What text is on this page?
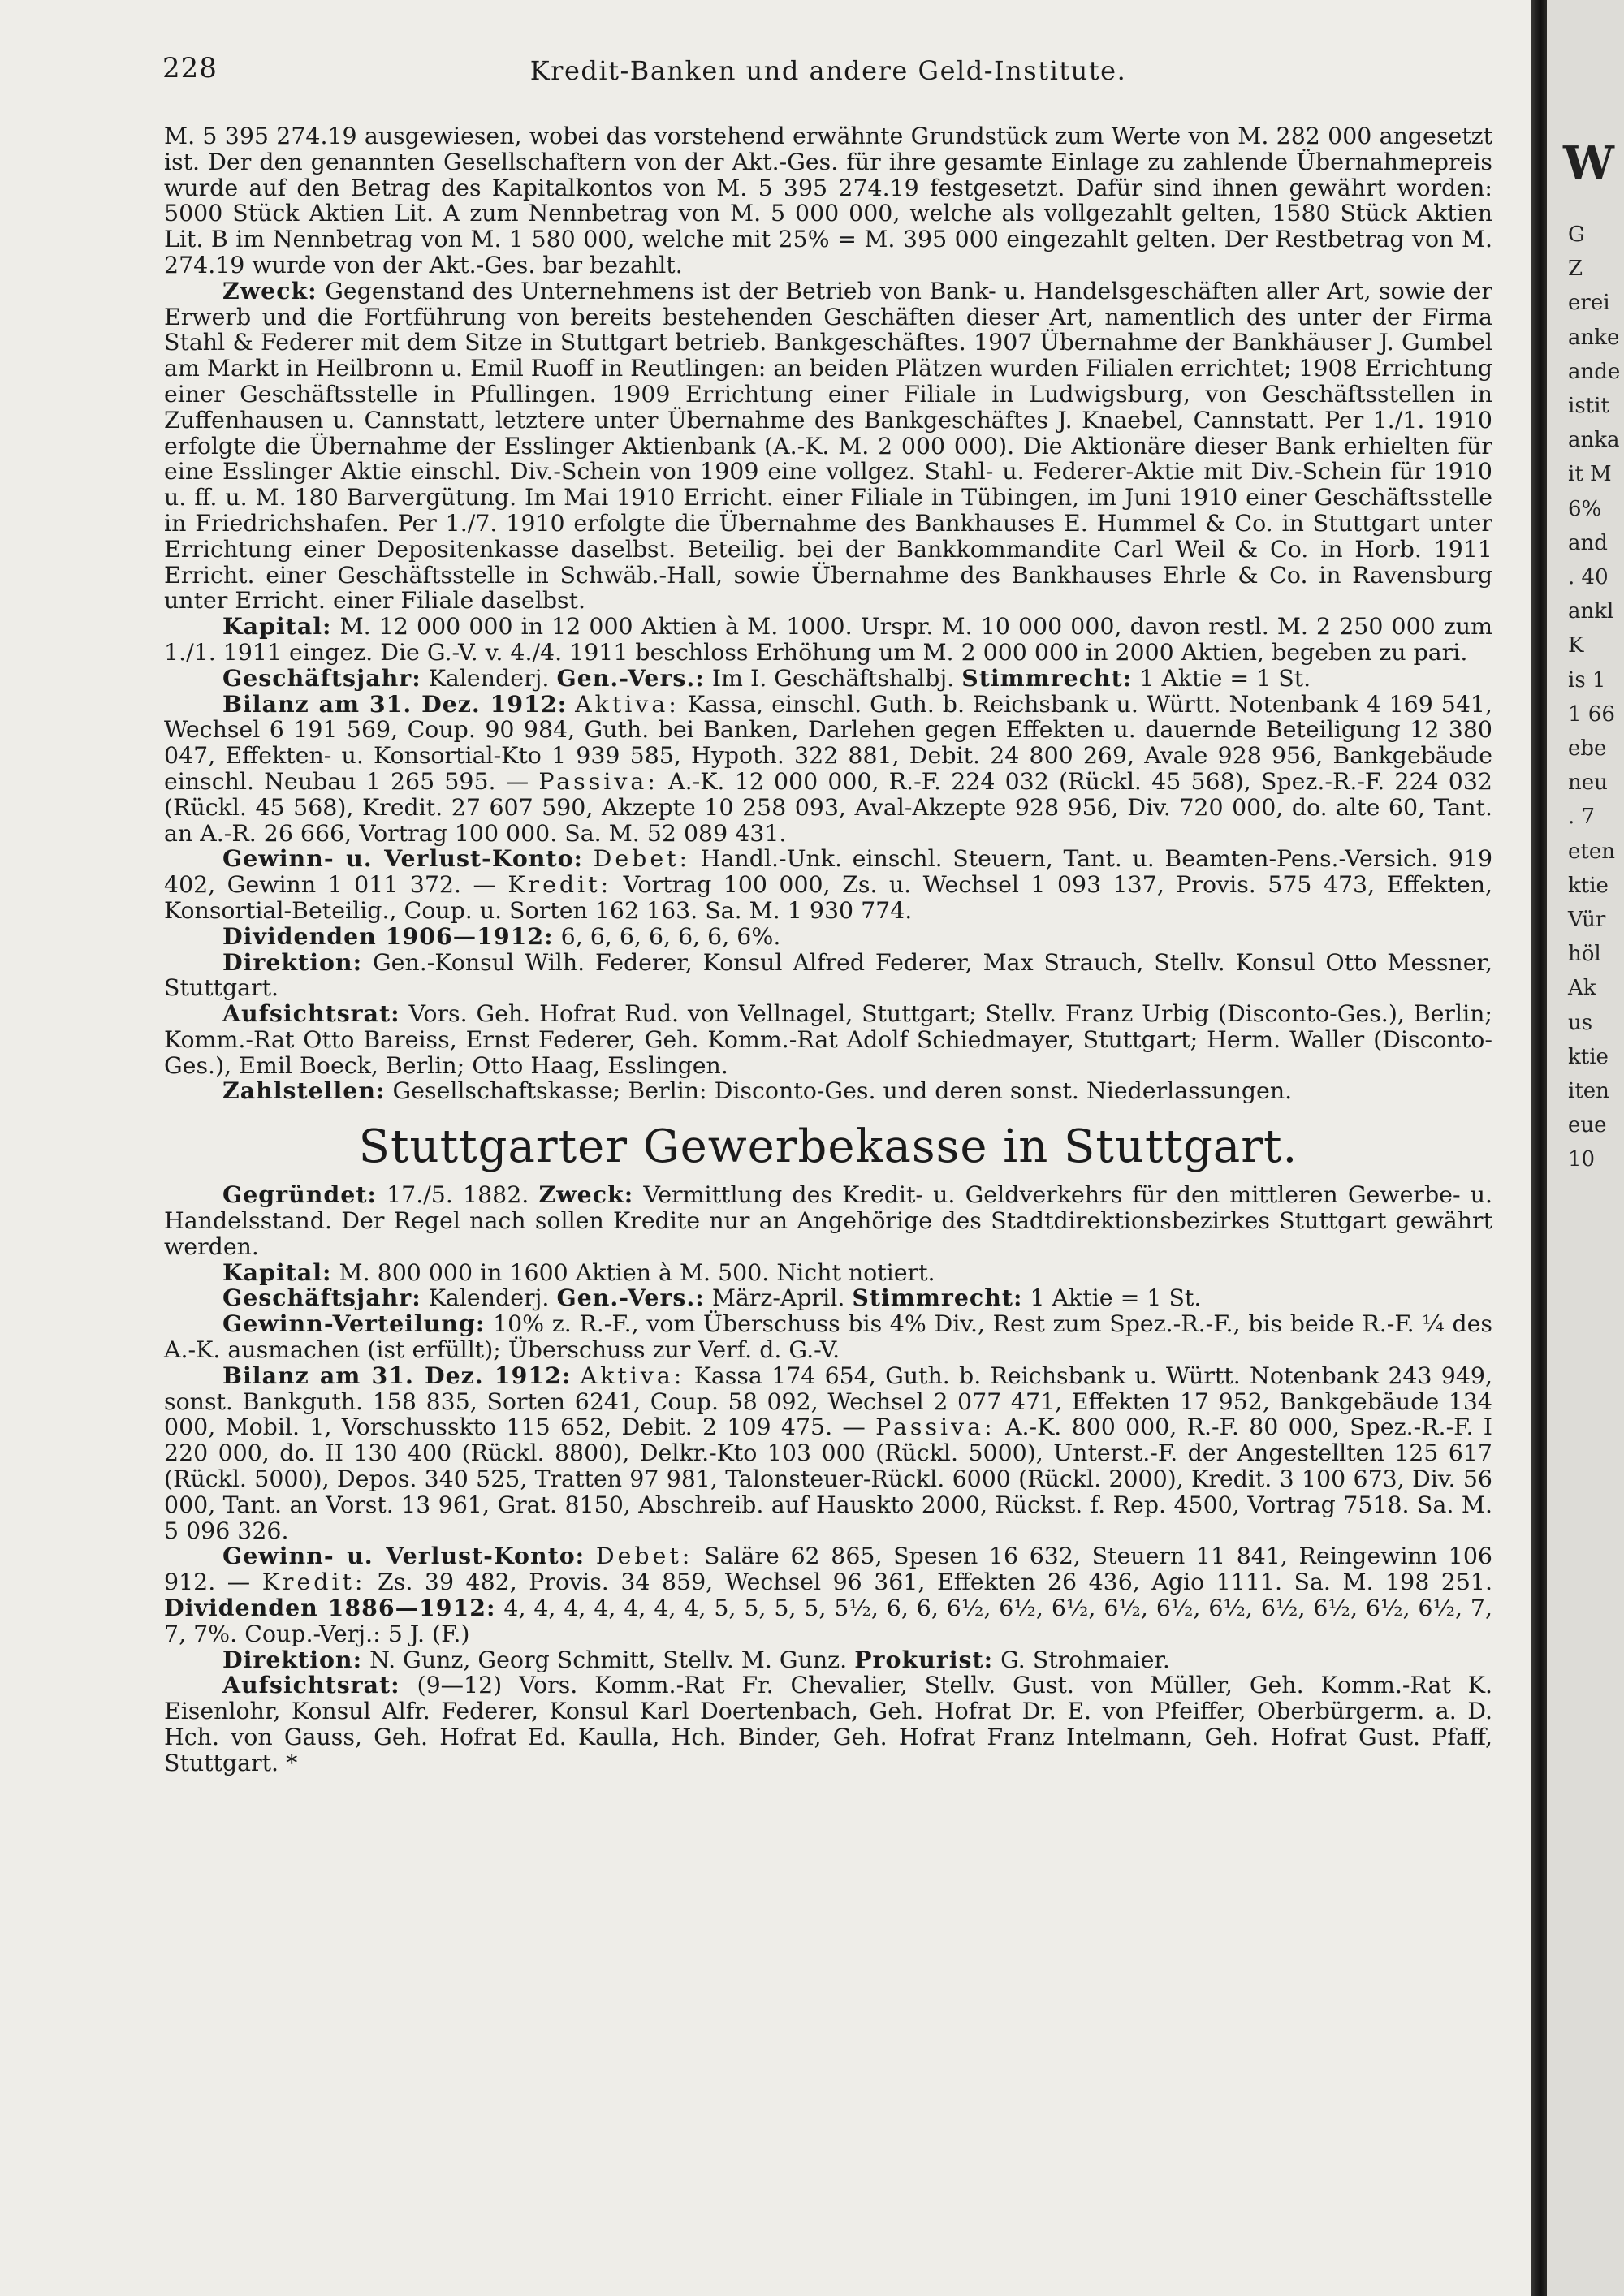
228	Kredit-Banken und andere Geld-Institute.

M. 5 395 274.19 ausgewiesen, wobei das vorstehend erwähnte Grundstück zum Werte von M. 282 000 angesetzt ist. Der den genannten Gesellschaftern von der Akt.-Ges. für ihre gesamte Einlage zu zahlende Übernahmepreis wurde auf den Betrag des Kapitalkontos von M. 5 395 274.19 festgesetzt. Dafür sind ihnen gewährt worden: 5000 Stück Aktien Lit. A zum Nennbetrag von M. 5 000 000, welche als vollgezahlt gelten, 1580 Stück Aktien Lit. B im Nennbetrag von M. 1 580 000, welche mit 25% = M. 395 000 eingezahlt gelten. Der Restbetrag von M. 274.19 wurde von der Akt.-Ges. bar bezahlt.

Zweck: Gegenstand des Unternehmens ist der Betrieb von Bank- u. Handelsgeschäften aller Art, sowie der Erwerb und die Fortführung von bereits bestehenden Geschäften dieser Art, namentlich des unter der Firma Stahl & Federer mit dem Sitze in Stuttgart betrieb. Bankgeschäftes. 1907 Übernahme der Bankhäuser J. Gumbel am Markt in Heilbronn u. Emil Ruoff in Reutlingen: an beiden Plätzen wurden Filialen errichtet; 1908 Errichtung einer Geschäftsstelle in Pfullingen. 1909 Errichtung einer Filiale in Ludwigsburg, von Geschäftsstellen in Zuffenhausen u. Cannstatt, letztere unter Übernahme des Bankgeschäftes J. Knaebel, Cannstatt. Per 1./1. 1910 erfolgte die Übernahme der Esslinger Aktienbank (A.-K. M. 2 000 000). Die Aktionäre dieser Bank erhielten für eine Esslinger Aktie einschl. Div.-Schein von 1909 eine vollgez. Stahl- u. Federer-Aktie mit Div.-Schein für 1910 u. ff. u. M. 180 Barvergütung. Im Mai 1910 Erricht. einer Filiale in Tübingen, im Juni 1910 einer Geschäftsstelle in Friedrichshafen. Per 1./7. 1910 erfolgte die Übernahme des Bankhauses E. Hummel & Co. in Stuttgart unter Errichtung einer Depositenkasse daselbst. Beteilig. bei der Bankkommandite Carl Weil & Co. in Horb. 1911 Erricht. einer Geschäftsstelle in Schwäb.-Hall, sowie Übernahme des Bankhauses Ehrle & Co. in Ravensburg unter Erricht. einer Filiale daselbst.

Kapital: M. 12 000 000 in 12 000 Aktien à M. 1000. Urspr. M. 10 000 000, davon restl. M. 2 250 000 zum 1./1. 1911 eingez. Die G.-V. v. 4./4. 1911 beschloss Erhöhung um M. 2 000 000 in 2000 Aktien, begeben zu pari.

Geschäftsjahr: Kalenderj. Gen.-Vers.: Im I. Geschäftshalbj. Stimmrecht: 1 Aktie = 1 St.

Bilanz am 31. Dez. 1912: Aktiva: Kassa, einschl. Guth. b. Reichsbank u. Württ. Notenbank 4 169 541, Wechsel 6 191 569, Coup. 90 984, Guth. bei Banken, Darlehen gegen Effekten u. dauernde Beteiligung 12 380 047, Effekten- u. Konsortial-Kto 1 939 585, Hypoth. 322 881, Debit. 24 800 269, Avale 928 956, Bankgebäude einschl. Neubau 1 265 595. — Passiva: A.-K. 12 000 000, R.-F. 224 032 (Rückl. 45 568), Spez.-R.-F. 224 032 (Rückl. 45 568), Kredit. 27 607 590, Akzepte 10 258 093, Aval-Akzepte 928 956, Div. 720 000, do. alte 60, Tant. an A.-R. 26 666, Vortrag 100 000. Sa. M. 52 089 431.

Gewinn- u. Verlust-Konto: Debet: Handl.-Unk. einschl. Steuern, Tant. u. Beamten-Pens.-Versich. 919 402, Gewinn 1 011 372. — Kredit: Vortrag 100 000, Zs. u. Wechsel 1 093 137, Provis. 575 473, Effekten, Konsortial-Beteilig., Coup. u. Sorten 162 163. Sa. M. 1 930 774.

Dividenden 1906—1912: 6, 6, 6, 6, 6, 6, 6%.

Direktion: Gen.-Konsul Wilh. Federer, Konsul Alfred Federer, Max Strauch, Stellv. Konsul Otto Messner, Stuttgart.

Aufsichtsrat: Vors. Geh. Hofrat Rud. von Vellnagel, Stuttgart; Stellv. Franz Urbig (Disconto-Ges.), Berlin; Komm.-Rat Otto Bareiss, Ernst Federer, Geh. Komm.-Rat Adolf Schiedmayer, Stuttgart; Herm. Waller (Disconto-Ges.), Emil Boeck, Berlin; Otto Haag, Esslingen.

Zahlstellen: Gesellschaftskasse; Berlin: Disconto-Ges. und deren sonst. Niederlassungen.

Stuttgarter Gewerbekasse in Stuttgart.

Gegründet: 17./5. 1882. Zweck: Vermittlung des Kredit- u. Geldverkehrs für den mittleren Gewerbe- u. Handelsstand. Der Regel nach sollen Kredite nur an Angehörige des Stadtdirektionsbezirkes Stuttgart gewährt werden.

Kapital: M. 800 000 in 1600 Aktien à M. 500. Nicht notiert.

Geschäftsjahr: Kalenderj. Gen.-Vers.: März-April. Stimmrecht: 1 Aktie = 1 St.

Gewinn-Verteilung: 10% z. R.-F., vom Überschuss bis 4% Div., Rest zum Spez.-R.-F., bis beide R.-F. ¼ des A.-K. ausmachen (ist erfüllt); Überschuss zur Verf. d. G.-V.

Bilanz am 31. Dez. 1912: Aktiva: Kassa 174 654, Guth. b. Reichsbank u. Württ. Notenbank 243 949, sonst. Bankguth. 158 835, Sorten 6241, Coup. 58 092, Wechsel 2 077 471, Effekten 17 952, Bankgebäude 134 000, Mobil. 1, Vorschusskto 115 652, Debit. 2 109 475. — Passiva: A.-K. 800 000, R.-F. 80 000, Spez.-R.-F. I 220 000, do. II 130 400 (Rückl. 8800), Delkr.-Kto 103 000 (Rückl. 5000), Unterst.-F. der Angestellten 125 617 (Rückl. 5000), Depos. 340 525, Tratten 97 981, Talonsteuer-Rückl. 6000 (Rückl. 2000), Kredit. 3 100 673, Div. 56 000, Tant. an Vorst. 13 961, Grat. 8150, Abschreib. auf Hauskto 2000, Rückst. f. Rep. 4500, Vortrag 7518. Sa. M. 5 096 326.

Gewinn- u. Verlust-Konto: Debet: Saläre 62 865, Spesen 16 632, Steuern 11 841, Reingewinn 106 912. — Kredit: Zs. 39 482, Provis. 34 859, Wechsel 96 361, Effekten 26 436, Agio 1111. Sa. M. 198 251. Dividenden 1886—1912: 4, 4, 4, 4, 4, 4, 4, 5, 5, 5, 5, 5½, 6, 6, 6½, 6½, 6½, 6½, 6½, 6½, 6½, 6½, 6½, 6½, 7, 7, 7%. Coup.-Verj.: 5 J. (F.)

Direktion: N. Gunz, Georg Schmitt, Stellv. M. Gunz. Prokurist: G. Strohmaier.

Aufsichtsrat: (9—12) Vors. Komm.-Rat Fr. Chevalier, Stellv. Gust. von Müller, Geh. Komm.-Rat K. Eisenlohr, Konsul Alfr. Federer, Konsul Karl Doertenbach, Geh. Hofrat Dr. E. von Pfeiffer, Oberbürgerm. a. D. Hch. von Gauss, Geh. Hofrat Ed. Kaulla, Hch. Binder, Geh. Hofrat Franz Intelmann, Geh. Hofrat Gust. Pfaff, Stuttgart. *

W
G
Z
erei
anke
ande
istit
anka
it M
6%
and
. 40
ankl
K
is 1
1 66
ebe
neu
. 7
eten
ktie
Vür
höl
Ak
us
ktie
iten
eue
10
